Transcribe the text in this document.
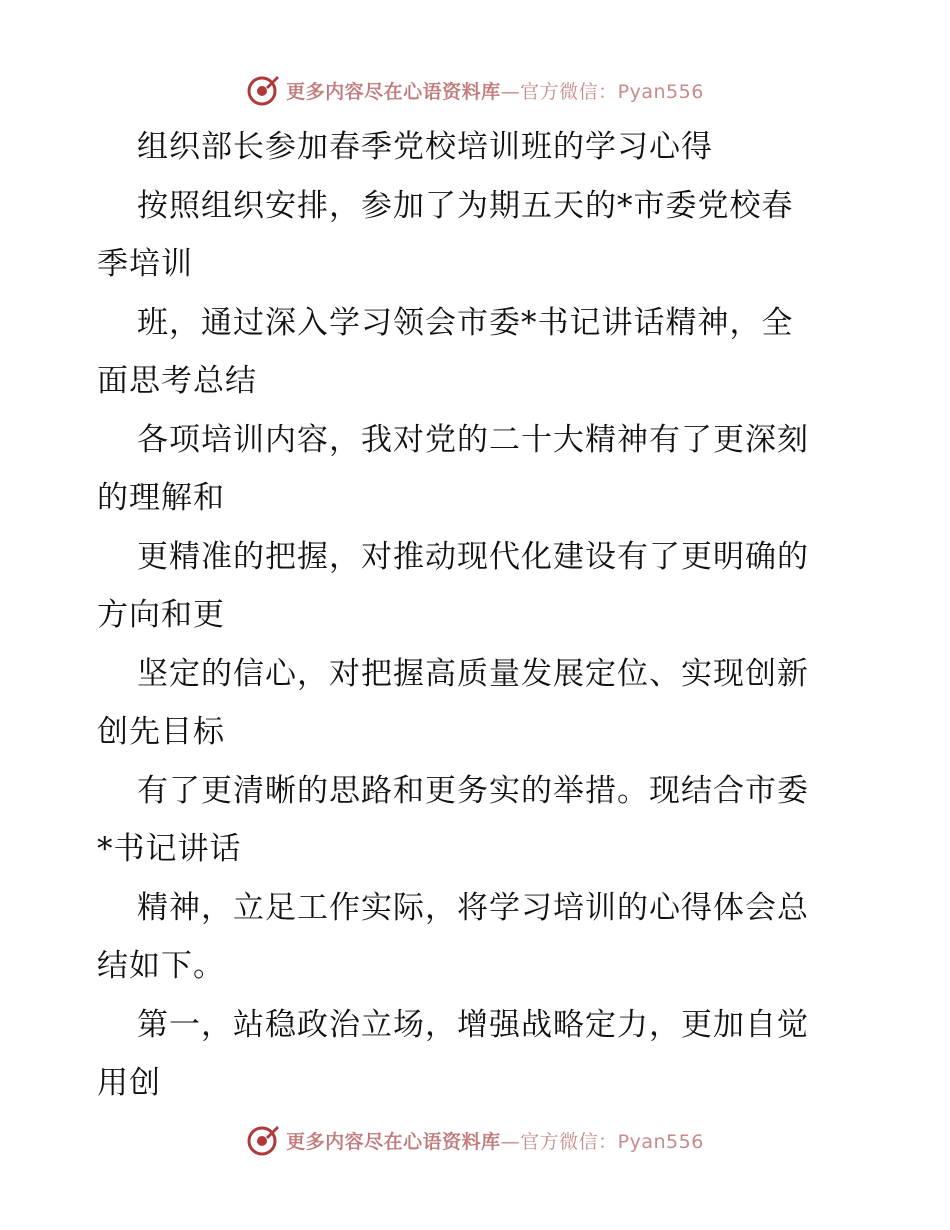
更多内容尽在心语资料库—官方微信：Pyan556
组织部长参加春季党校培训班的学习心得
按照组织安排，参加了为期五天的*市委党校春
季培训
班，通过深入学习领会市委*书记讲话精神，全
面思考总结
各项培训内容，我对党的二十大精神有了更深刻
的理解和
更精准的把握，对推动现代化建设有了更明确的
方向和更
坚定的信心，对把握高质量发展定位、实现创新
创先目标
有了更清晰的思路和更务实的举措。现结合市委
*书记讲话
精神，立足工作实际，将学习培训的心得体会总
结如下。
第一，站稳政治立场，增强战略定力，更加自觉
用创
更多内容尽在心语资料库—官方微信：Pyan556
